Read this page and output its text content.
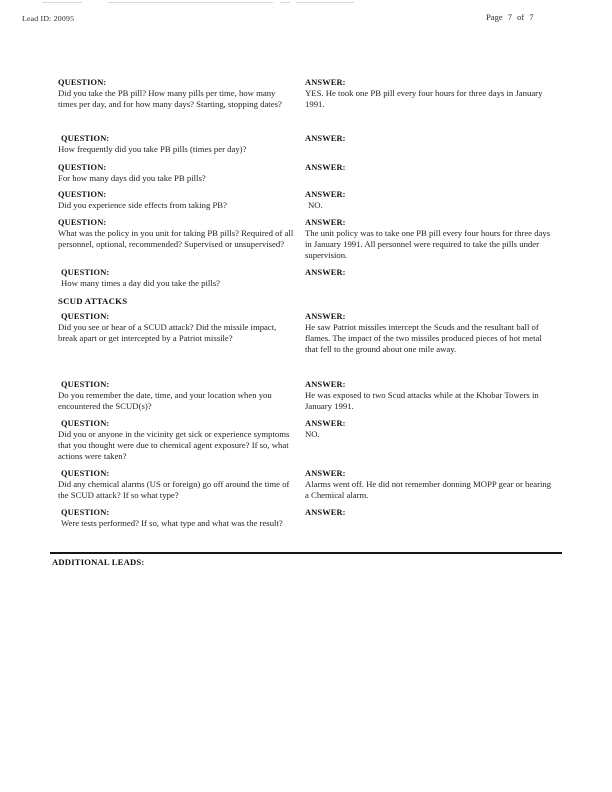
Lead ID: 20095	Page 7 of 7
QUESTION:
Did you take the PB pill? How many pills per time, how many times per day, and for how many days? Starting, stopping dates?
QUESTION:
How frequently did you take PB pills (times per day)?
QUESTION:
For how many days did you take PB pills?
QUESTION:
Did you experience side effects from taking PB?
QUESTION:
What was the policy in you unit for taking PB pills? Required of all personnel, optional, recommended? Supervised or unsupervised?
QUESTION:
How many times a day did you take the pills?
SCUD ATTACKS
QUESTION:
Did you see or hear of a SCUD attack? Did the missile impact, break apart or get intercepted by a Patriot missile?
QUESTION:
Do you remember the date, time, and your location when you encountered the SCUD(s)?
QUESTION:
Did you or anyone in the vicinity get sick or experience symptoms that you thought were due to chemical agent exposure? If so, what actions were taken?
QUESTION:
Did any chemical alarms (US or foreign) go off around the time of the SCUD attack? If so what type?
QUESTION:
Were tests performed? If so, what type and what was the result?
ANSWER:
YES. He took one PB pill every four hours for three days in January 1991.
ANSWER:
ANSWER:
ANSWER:
NO.
ANSWER:
The unit policy was to take one PB pill every four hours for three days in January 1991. All personnel were required to take the pills under supervision.
ANSWER:
ANSWER:
He saw Patriot missiles intercept the Scuds and the resultant ball of flames. The impact of the two missiles produced pieces of hot metal that fell to the ground about one mile away.
ANSWER:
He was exposed to two Scud attacks while at the Khobar Towers in January 1991.
ANSWER:
NO.
ANSWER:
Alarms went off. He did not remember donning MOPP gear or hearing a Chemical alarm.
ANSWER:
ADDITIONAL LEADS:
